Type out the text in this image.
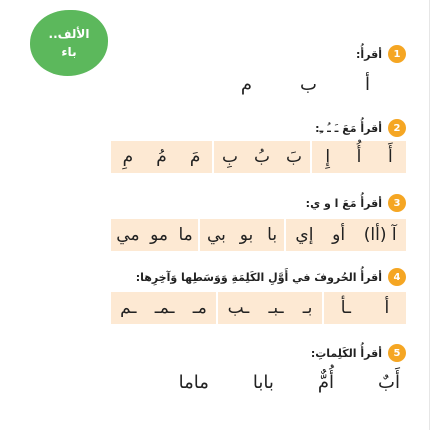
الألف..
باء	1
أقرأُ:
أ
ب
م
2
أقرأُ مَعَ ـَ ـُ ـِ:
أَ
أُ
إِ
بَ
بُ
بِ
مَ
مُ
مِ
3
أقرأُ مَعَ ا و ي:
آ (أا)
أو
إي
با
بو
بي
ما
مو
مي
4
أقرأُ الحُروفَ في أَوَّلِ الكَلِمَةِ وَوَسَطِها وَآخِرِها:
أ
ـأ
بـ
ـبـ
ـب
مـ
ـمـ
ـم
5
أقرأُ الكَلِماتِ:
أَبٌ
أُمٌّ
بابا
ماما
